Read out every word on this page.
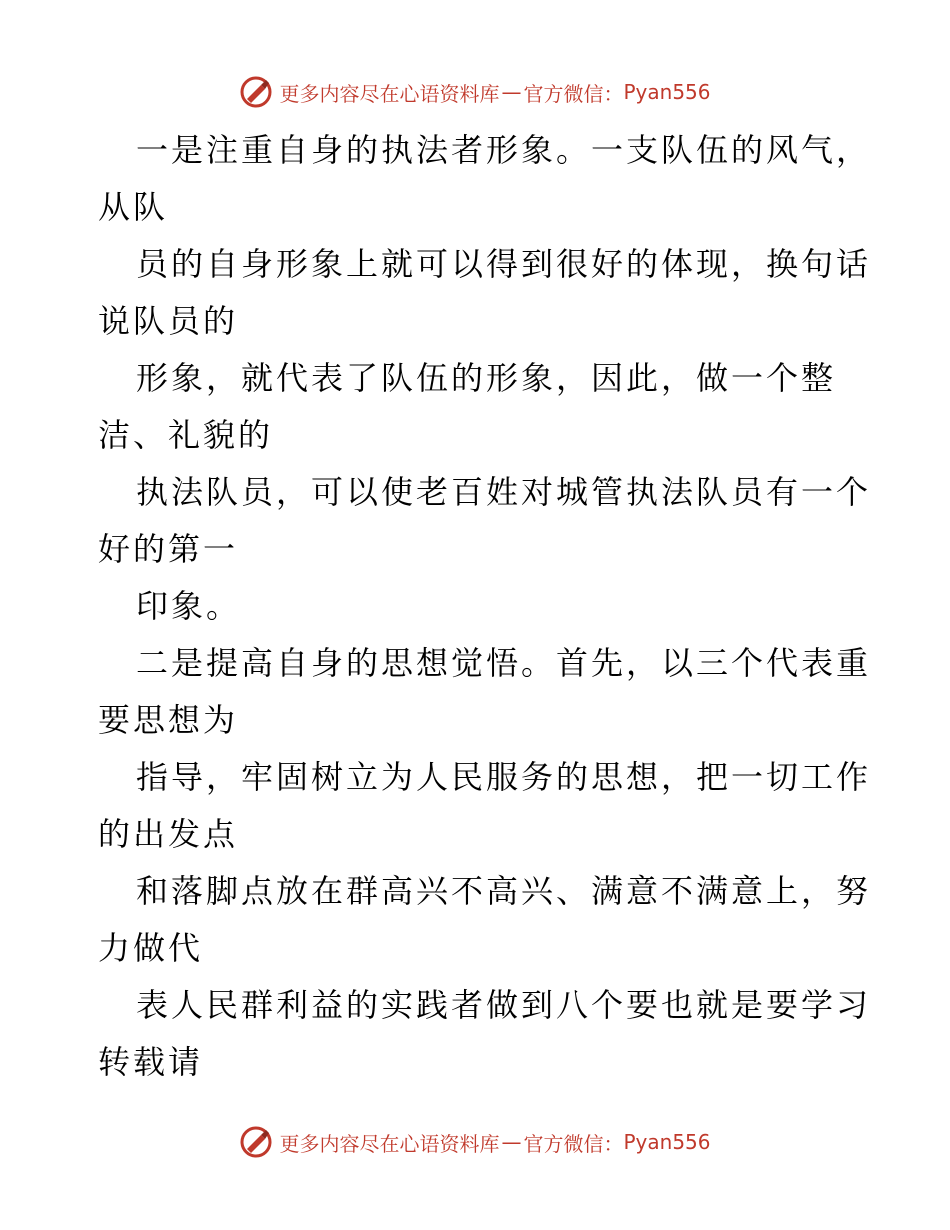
更多内容尽在心语资料库 — 官方微信： Pyan556
一是注重自身的执法者形象。一支队伍的风气，
从队
员的自身形象上就可以得到很好的体现，换句话
说队员的
形象，就代表了队伍的形象，因此，做一个整
洁、礼貌的
执法队员，可以使老百姓对城管执法队员有一个
好的第一
印象。
二是提高自身的思想觉悟。首先，以三个代表重
要思想为
指导，牢固树立为人民服务的思想，把一切工作
的出发点
和落脚点放在群高兴不高兴、满意不满意上，努
力做代
表人民群利益的实践者做到八个要也就是要学习
转载请
更多内容尽在心语资料库 — 官方微信： Pyan556
